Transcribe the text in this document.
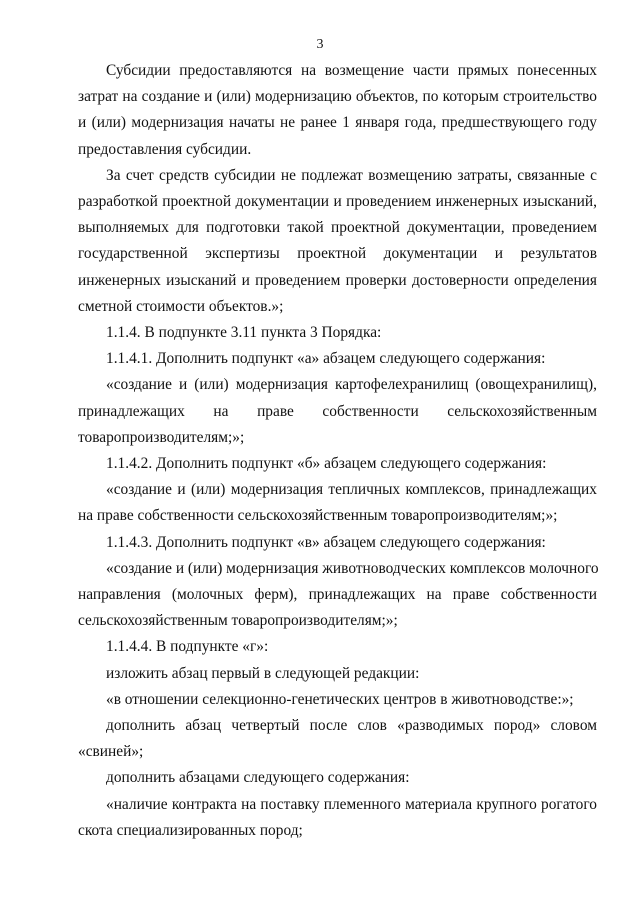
3
Субсидии предоставляются на возмещение части прямых понесенных
затрат на создание и (или) модернизацию объектов, по которым строительство
и (или) модернизация начаты не ранее 1 января года, предшествующего году
предоставления субсидии.
За счет средств субсидии не подлежат возмещению затраты, связанные с
разработкой проектной документации и проведением инженерных изысканий,
выполняемых для подготовки такой проектной документации, проведением
государственной экспертизы проектной документации и результатов
инженерных изысканий и проведением проверки достоверности определения
сметной стоимости объектов.»;
1.1.4. В подпункте 3.11 пункта 3 Порядка:
1.1.4.1. Дополнить подпункт «а» абзацем следующего содержания:
«создание и (или) модернизация картофелехранилищ (овощехранилищ),
принадлежащих на праве собственности сельскохозяйственным
товаропроизводителям;»;
1.1.4.2. Дополнить подпункт «б» абзацем следующего содержания:
«создание и (или) модернизация тепличных комплексов, принадлежащих
на праве собственности сельскохозяйственным товаропроизводителям;»;
1.1.4.3. Дополнить подпункт «в» абзацем следующего содержания:
«создание и (или) модернизация животноводческих комплексов молочного
направления (молочных ферм), принадлежащих на праве собственности
сельскохозяйственным товаропроизводителям;»;
1.1.4.4. В подпункте «г»:
изложить абзац первый в следующей редакции:
«в отношении селекционно-генетических центров в животноводстве:»;
дополнить абзац четвертый после слов «разводимых пород» словом
«свиней»;
дополнить абзацами следующего содержания:
«наличие контракта на поставку племенного материала крупного рогатого
скота специализированных пород;
